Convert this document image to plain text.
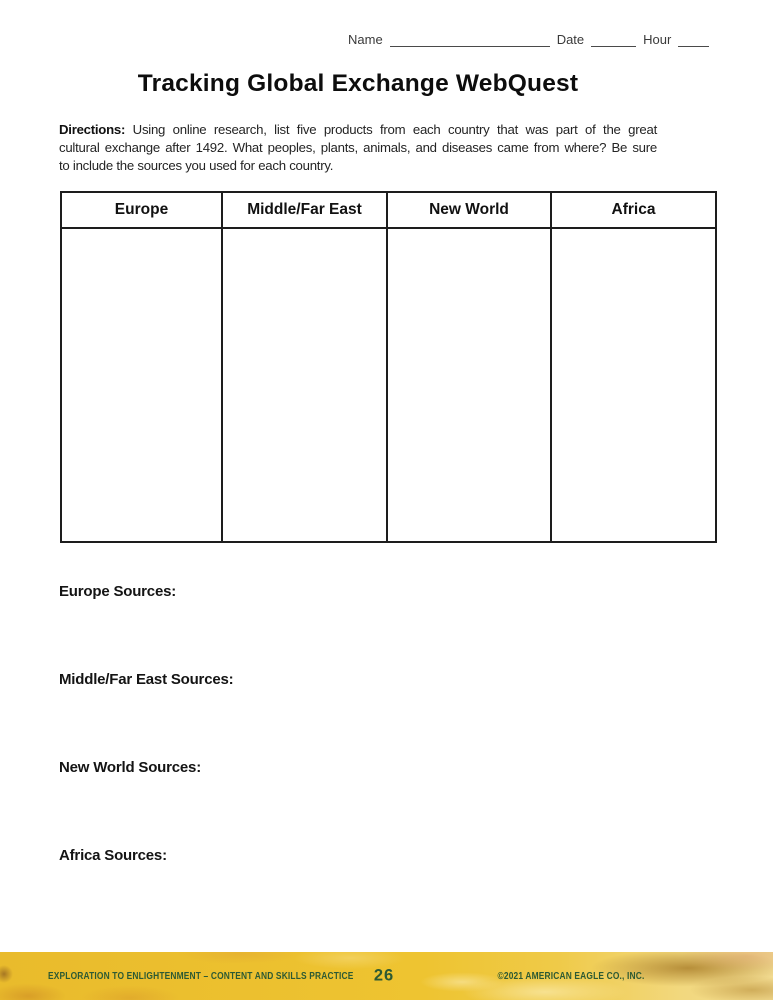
Name	Date	Hour
Tracking Global Exchange WebQuest
Directions: Using online research, list five products from each country that was part of the great
cultural exchange after 1492. What peoples, plants, animals, and diseases came from where? Be sure
to include the sources you used for each country.
Europe	Middle/Far East	New World	Africa

Europe Sources:
Middle/Far East Sources:
New World Sources:
Africa Sources:
EXPLORATION TO ENLIGHTENMENT – CONTENT AND SKILLS PRACTICE 26	©2021 AMERICAN EAGLE CO., INC.
